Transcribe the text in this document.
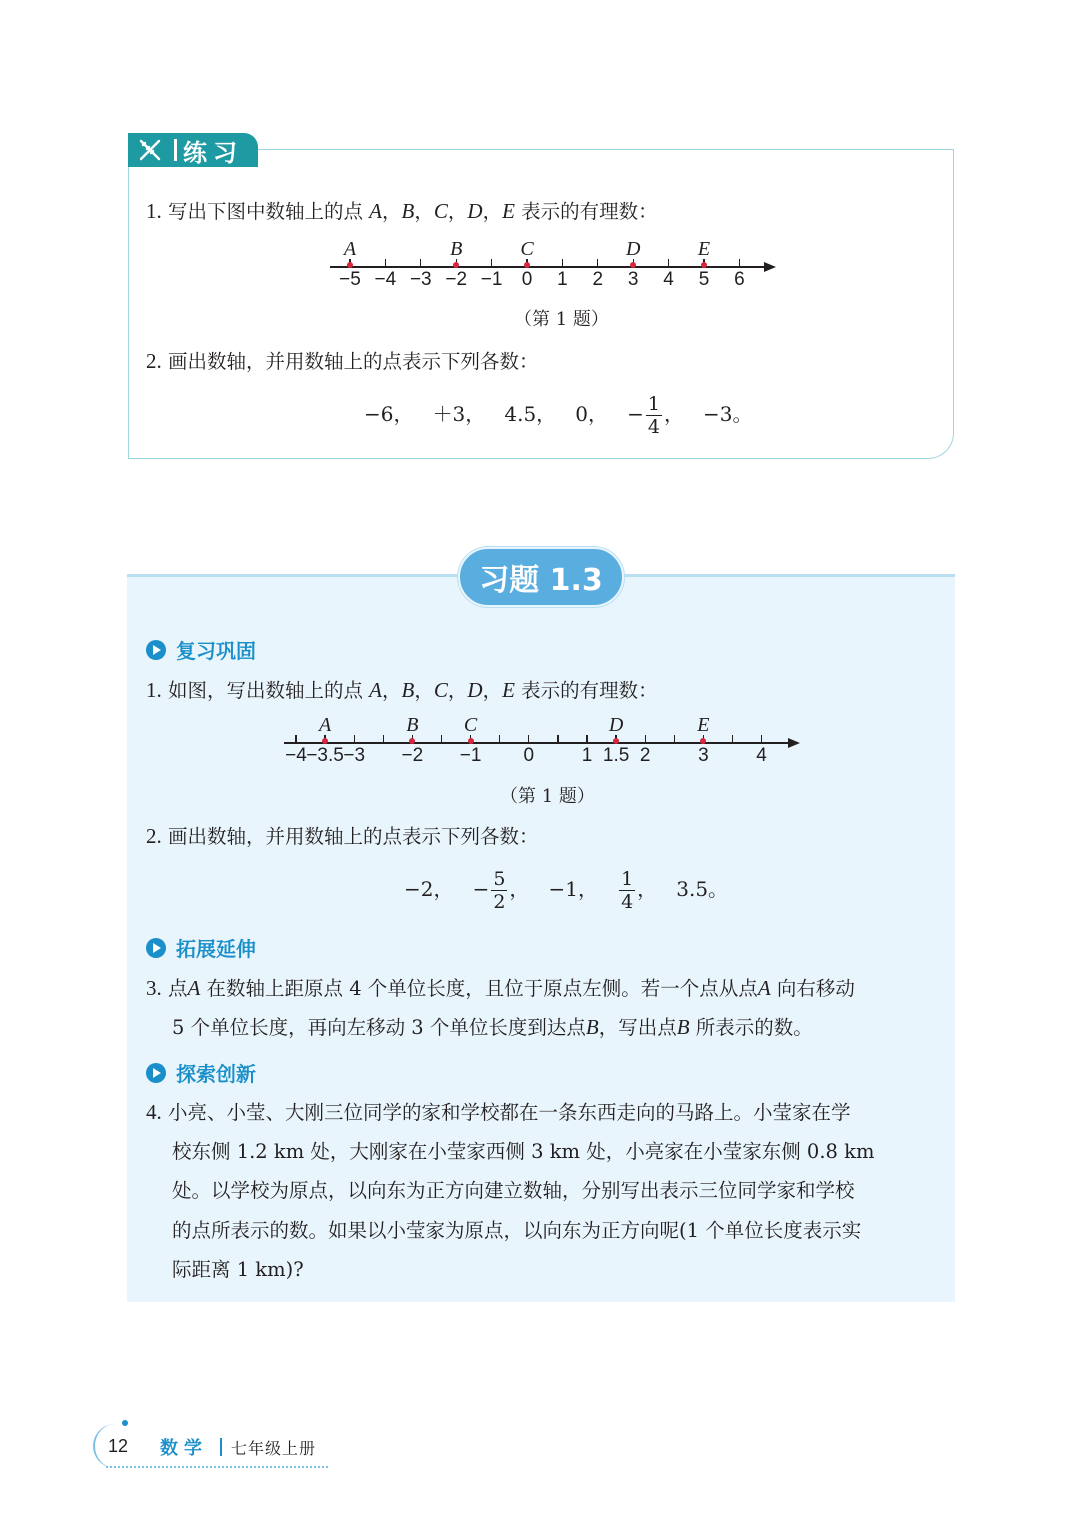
练习
1. 写出下图中数轴上的点 A，B，C，D，E 表示的有理数：
−5 −4 −3 −2 −1 0 1 2 3 4 5 6
A	B	C	D	E
（第 1 题）
2. 画出数轴，并用数轴上的点表示下列各数：
−6， ＋3， 4.5， 0， − $\frac{1}{4}$ ， −3。
习题 1.3
复习巩固
1. 如图，写出数轴上的点 A，B，C，D，E 表示的有理数：
−4 −3.5 −3 −2 −1 0	1 1.5 2	3	4
A	B C	D	E
（第 1 题）
2. 画出数轴，并用数轴上的点表示下列各数：
−2， − $\frac{5}{2}$ ， −1， $\frac{1}{4}$ ， 3.5。
拓展延伸
3. 点A 在数轴上距原点 4 个单位长度，且位于原点左侧。若一个点从点A 向右移动
5 个单位长度，再向左移动 3 个单位长度到达点B，写出点B 所表示的数。
探索创新
4. 小亮、小莹、大刚三位同学的家和学校都在一条东西走向的马路上。小莹家在学
校东侧 1.2 km 处，大刚家在小莹家西侧 3 km 处，小亮家在小莹家东侧 0.8 km
处。以学校为原点，以向东为正方向建立数轴，分别写出表示三位同学家和学校
的点所表示的数。如果以小莹家为原点，以向东为正方向呢(1 个单位长度表示实
际距离 1 km)?
12 数学 七年级上册
